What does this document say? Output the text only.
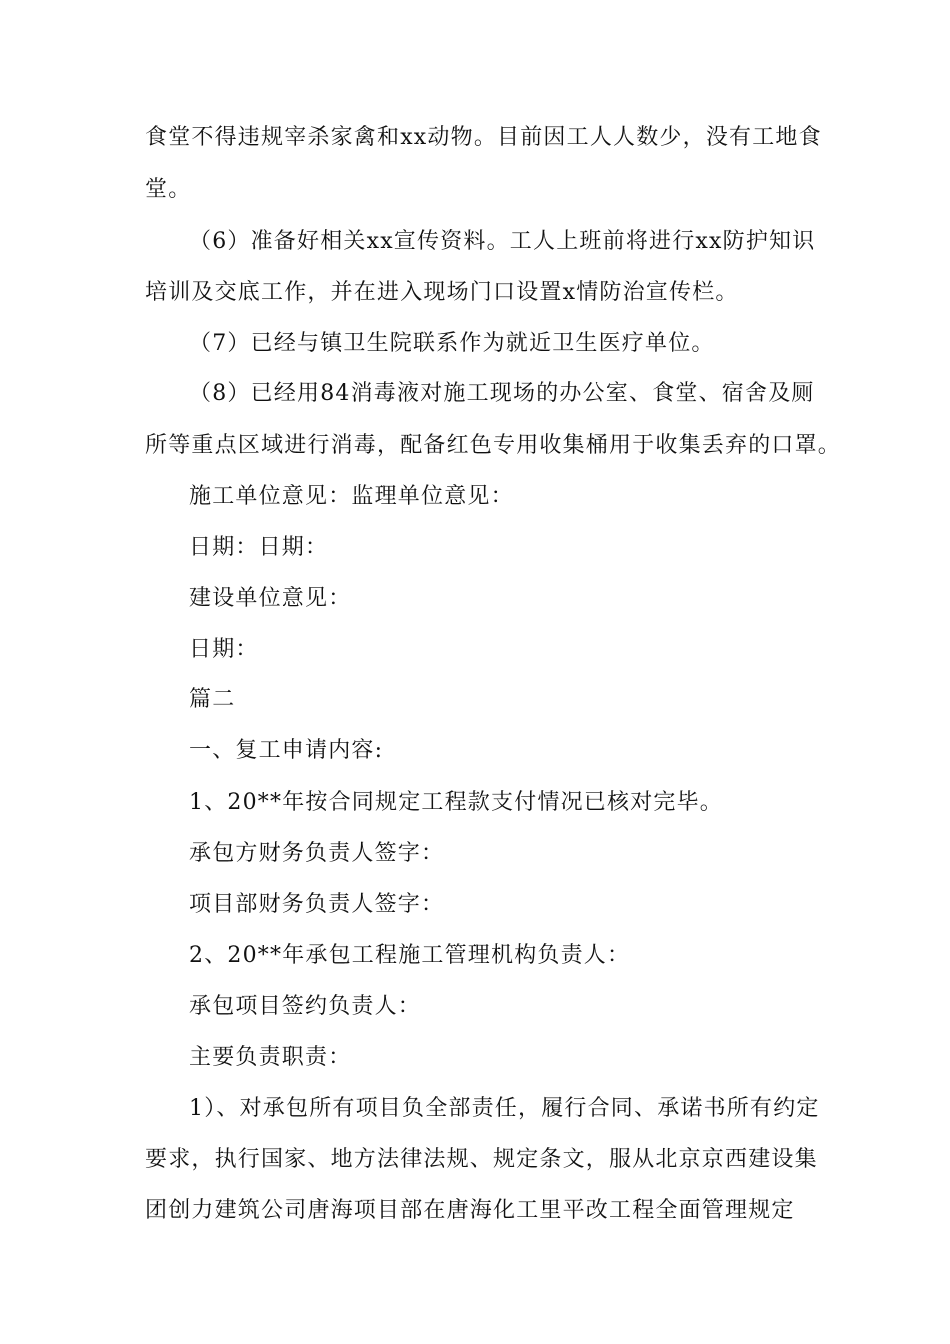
食堂不得违规宰杀家禽和xx动物。目前因工人人数少，没有工地食
堂。
（6）准备好相关xx宣传资料。工人上班前将进行xx防护知识
培训及交底工作，并在进入现场门口设置x情防治宣传栏。
（7）已经与镇卫生院联系作为就近卫生医疗单位。
（8）已经用84消毒液对施工现场的办公室、食堂、宿舍及厕
所等重点区域进行消毒，配备红色专用收集桶用于收集丢弃的口罩。
施工单位意见：监理单位意见：
日期：日期：
建设单位意见：
日期：
篇二
一、复工申请内容:
1、20**年按合同规定工程款支付情况已核对完毕。
承包方财务负责人签字：
项目部财务负责人签字：
2、20**年承包工程施工管理机构负责人：
承包项目签约负责人：
主要负责职责：
1）、对承包所有项目负全部责任，履行合同、承诺书所有约定
要求，执行国家、地方法律法规、规定条文，服从北京京西建设集
团创力建筑公司唐海项目部在唐海化工里平改工程全面管理规定
